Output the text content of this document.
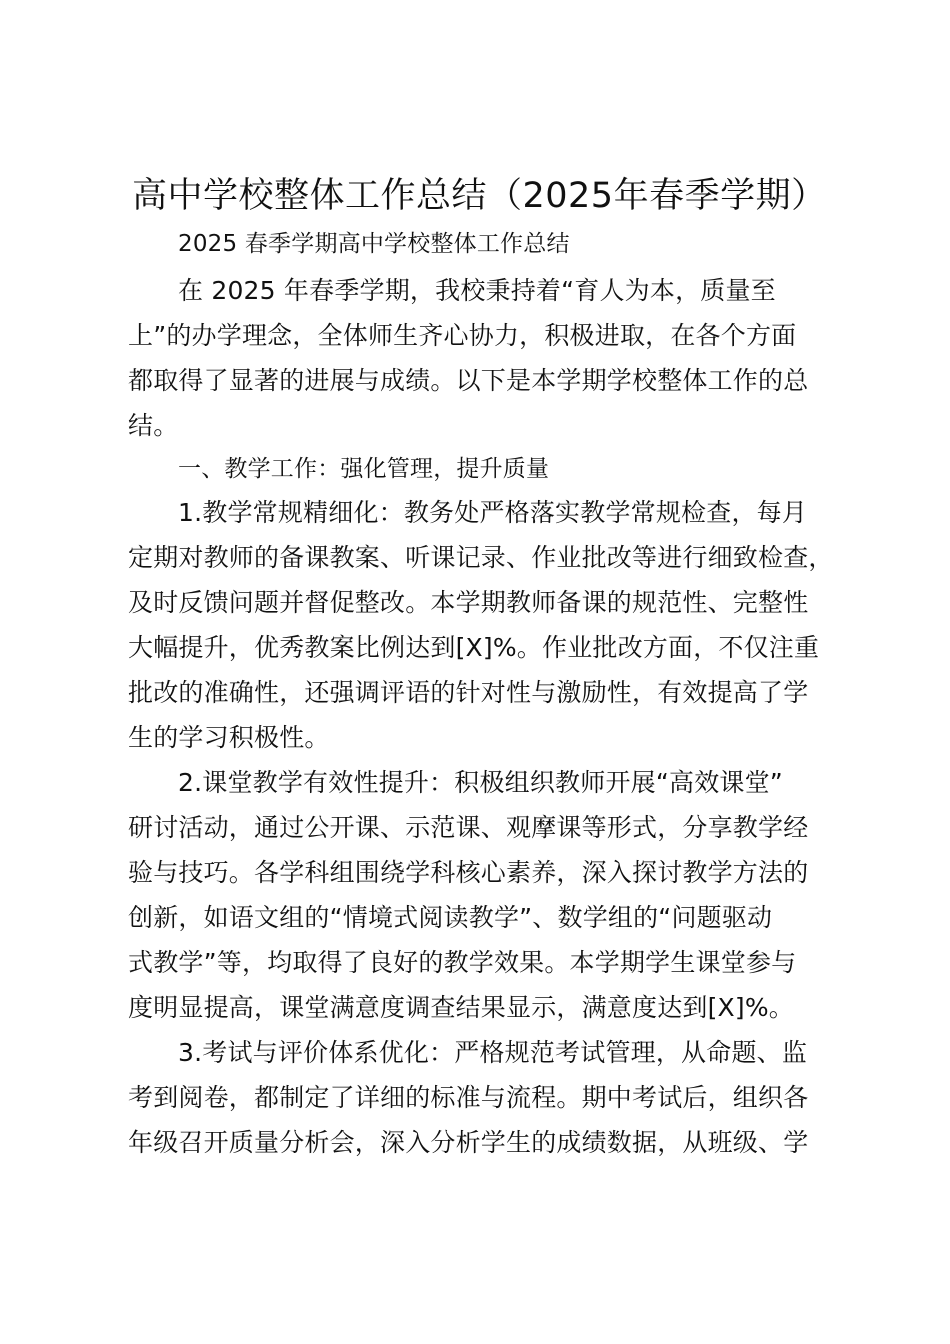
高中学校整体工作总结（2025年春季学期）
2025 春季学期高中学校整体工作总结
在 2025 年春季学期，我校秉持着“育人为本，质量至
上”的办学理念，全体师生齐心协力，积极进取，在各个方面
都取得了显著的进展与成绩。以下是本学期学校整体工作的总
结。
一、教学工作：强化管理，提升质量
1.教学常规精细化：教务处严格落实教学常规检查，每月
定期对教师的备课教案、听课记录、作业批改等进行细致检查，
及时反馈问题并督促整改。本学期教师备课的规范性、完整性
大幅提升，优秀教案比例达到[X]%。作业批改方面，不仅注重
批改的准确性，还强调评语的针对性与激励性，有效提高了学
生的学习积极性。
2.课堂教学有效性提升：积极组织教师开展“高效课堂”
研讨活动，通过公开课、示范课、观摩课等形式，分享教学经
验与技巧。各学科组围绕学科核心素养，深入探讨教学方法的
创新，如语文组的“情境式阅读教学”、数学组的“问题驱动
式教学”等，均取得了良好的教学效果。本学期学生课堂参与
度明显提高，课堂满意度调查结果显示，满意度达到[X]%。
3.考试与评价体系优化：严格规范考试管理，从命题、监
考到阅卷，都制定了详细的标准与流程。期中考试后，组织各
年级召开质量分析会，深入分析学生的成绩数据，从班级、学
